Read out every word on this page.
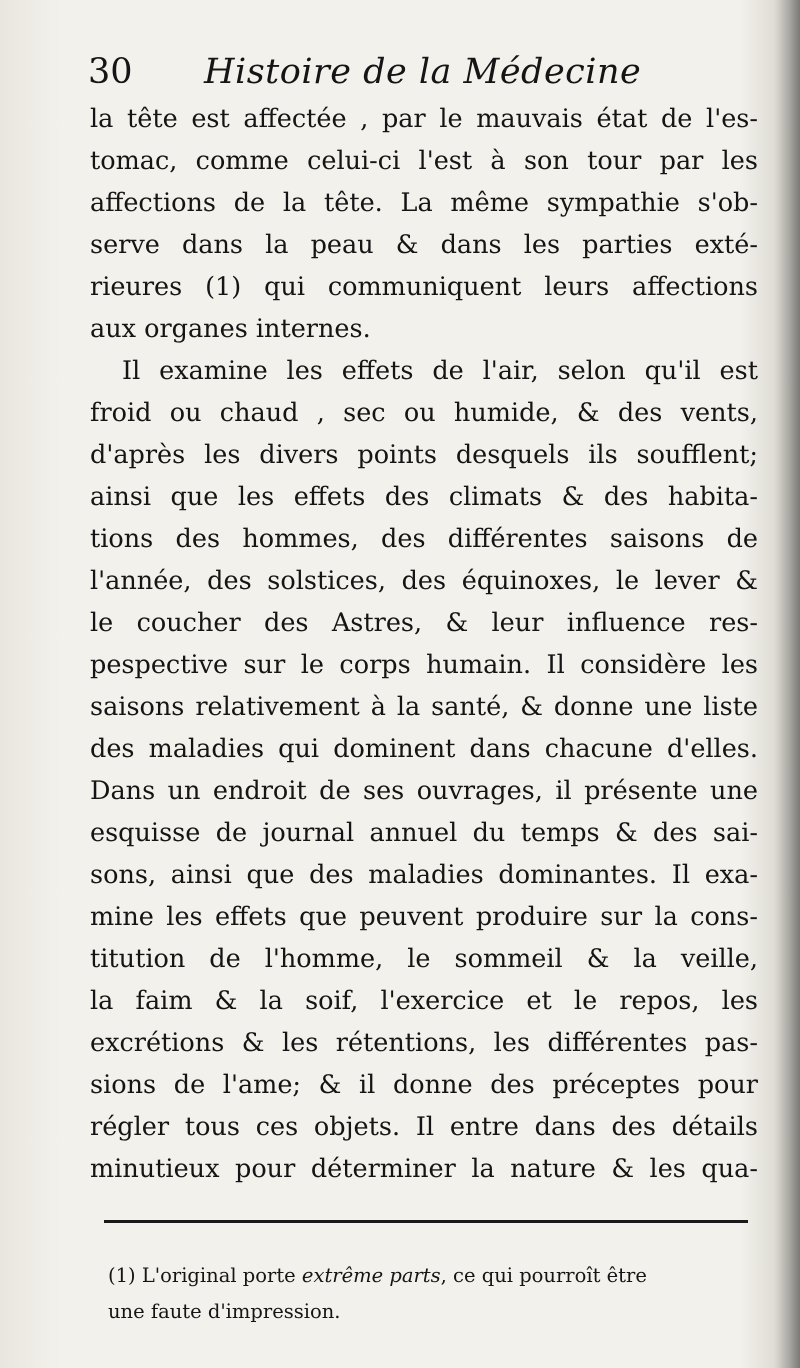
30 Histoire de la Médecine
la tête est affectée , par le mauvais état de l'es-
tomac, comme celui-ci l'est à son tour par les
affections de la tête. La même sympathie s'ob-
serve dans la peau & dans les parties exté-
rieures (1) qui communiquent leurs affections
aux organes internes.
Il examine les effets de l'air, selon qu'il est
froid ou chaud , sec ou humide, & des vents,
d'après les divers points desquels ils soufflent;
ainsi que les effets des climats & des habita-
tions des hommes, des différentes saisons de
l'année, des solstices, des équinoxes, le lever &
le coucher des Astres, & leur influence res-
pespective sur le corps humain. Il considère les
saisons relativement à la santé, & donne une liste
des maladies qui dominent dans chacune d'elles.
Dans un endroit de ses ouvrages, il présente une
esquisse de journal annuel du temps & des sai-
sons, ainsi que des maladies dominantes. Il exa-
mine les effets que peuvent produire sur la cons-
titution de l'homme, le sommeil & la veille,
la faim & la soif, l'exercice et le repos, les
excrétions & les rétentions, les différentes pas-
sions de l'ame; & il donne des préceptes pour
régler tous ces objets. Il entre dans des détails
minutieux pour déterminer la nature & les qua-
(1) L'original porte extrême parts, ce qui pourroît être
une faute d'impression.
